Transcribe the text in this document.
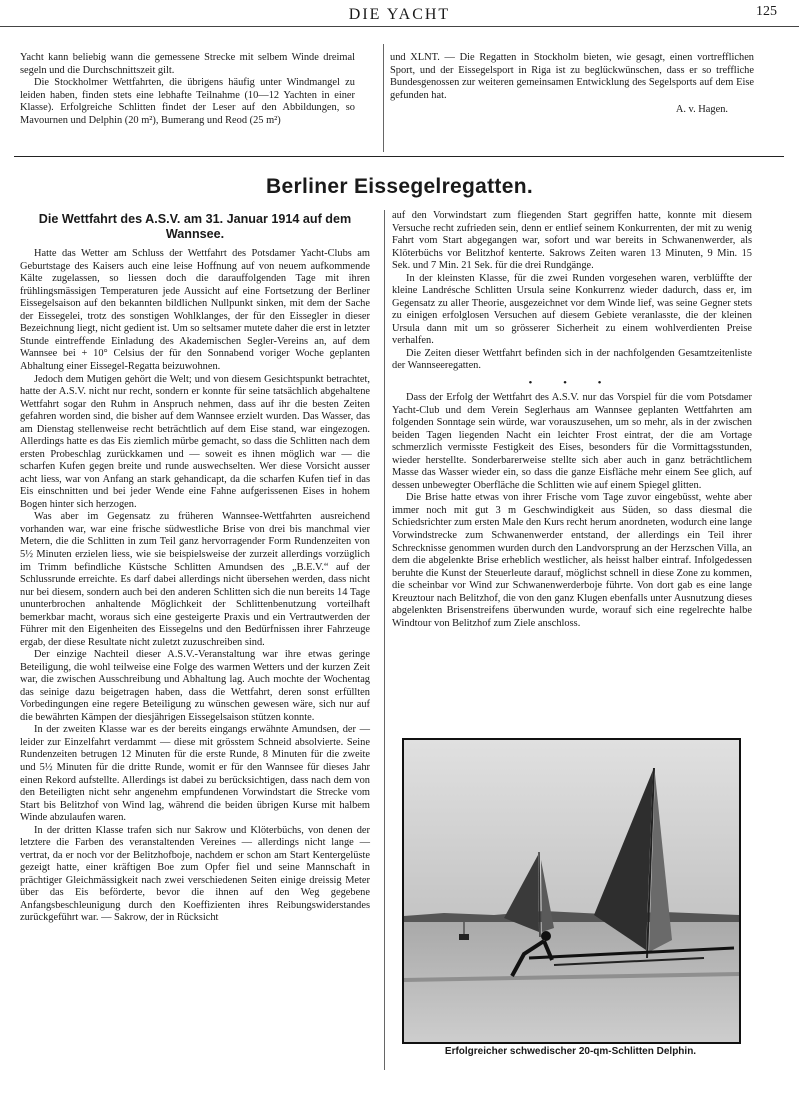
DIE YACHT	125

Yacht kann beliebig wann die gemessene Strecke mit selbem Winde dreimal segeln und die Durchschnittszeit gilt.

Die Stockholmer Wettfahrten, die übrigens häufig unter Windmangel zu leiden haben, finden stets eine lebhafte Teilnahme (10—12 Yachten in einer Klasse). Erfolgreiche Schlitten findet der Leser auf den Abbildungen, so Mavournen und Delphin (20 m²), Bumerang und Reod (25 m²)

und XLNT. — Die Regatten in Stockholm bieten, wie gesagt, einen vortrefflichen Sport, und der Eissegelsport in Riga ist zu beglückwünschen, dass er so treffliche Bundesgenossen zur weiteren gemeinsamen Entwicklung des Segelsports auf dem Eise gefunden hat.

A. v. Hagen.
Berliner Eissegelregatten.
Die Wettfahrt des A.S.V. am 31. Januar 1914 auf dem Wannsee.

Hatte das Wetter am Schluss der Wettfahrt des Potsdamer Yacht-Clubs am Geburtstage des Kaisers auch eine leise Hoffnung auf von neuem aufkommende Kälte zugelassen, so liessen doch die darauffolgenden Tage mit ihren frühlingsmässigen Temperaturen jede Aussicht auf eine Fortsetzung der Berliner Eissegelsaison auf den bekannten bildlichen Nullpunkt sinken, mit dem der Sache der Eissegelei, trotz des sonstigen Wohlklanges, der für den Eissegler in dieser Bezeichnung liegt, nicht gedient ist. Um so seltsamer mutete daher die erst in letzter Stunde eintreffende Einladung des Akademischen Segler-Vereins an, auf dem Wannsee bei + 10° Celsius der für den Sonnabend voriger Woche geplanten Abhaltung einer Eissegel-Regatta beizuwohnen.

Jedoch dem Mutigen gehört die Welt; und von diesem Gesichtspunkt betrachtet, hatte der A.S.V. nicht nur recht, sondern er konnte für seine tatsächlich abgehaltene Wettfahrt sogar den Ruhm in Anspruch nehmen, dass auf ihr die besten Zeiten gefahren worden sind, die bisher auf dem Wannsee erzielt wurden. Das Wasser, das am Dienstag stellenweise recht beträchtlich auf dem Eise stand, war eingezogen. Allerdings hatte es das Eis ziemlich mürbe gemacht, so dass die Schlitten nach dem ersten Probeschlag zurückkamen und — soweit es ihnen möglich war — die scharfen Kufen gegen breite und runde auswechselten. Wer diese Vorsicht ausser acht liess, war von Anfang an stark gehandicapt, da die scharfen Kufen tief in das Eis einschnitten und bei jeder Wende eine Fahne aufgerissenen Eises in hohem Bogen hinter sich herzogen.

Was aber im Gegensatz zu früheren Wannsee-Wettfahrten ausreichend vorhanden war, war eine frische südwestliche Brise von drei bis manchmal vier Metern, die die Schlitten in zum Teil ganz hervorragender Form Rundenzeiten von 5½ Minuten erzielen liess, wie sie beispielsweise der zurzeit allerdings vorzüglich im Trimm befindliche Küstsche Schlitten Amundsen des „B.E.V.“ auf der Schlussrunde erreichte. Es darf dabei allerdings nicht übersehen werden, dass nicht nur bei diesem, sondern auch bei den anderen Schlitten sich die nun bereits 14 Tage ununterbrochen anhaltende Möglichkeit der Schlittenbenutzung vorteilhaft bemerkbar macht, woraus sich eine gesteigerte Praxis und ein Vertrautwerden der Führer mit den Eigenheiten des Eissegelns und den Bedürfnissen ihrer Fahrzeuge ergab, der diese Resultate nicht zuletzt zuzuschreiben sind.

Der einzige Nachteil dieser A.S.V.-Veranstaltung war ihre etwas geringe Beteiligung, die wohl teilweise eine Folge des warmen Wetters und der kurzen Zeit war, die zwischen Ausschreibung und Abhaltung lag. Auch mochte der Wochentag das seinige dazu beigetragen haben, dass die Wettfahrt, deren sonst erfüllten Vorbedingungen eine regere Beteiligung zu wünschen gewesen wäre, sich nur auf die bewährten Kämpen der diesjährigen Eissegelsaison stützen konnte.

In der zweiten Klasse war es der bereits eingangs erwähnte Amundsen, der — leider zur Einzelfahrt verdammt — diese mit grösstem Schneid absolvierte. Seine Rundenzeiten betrugen 12 Minuten für die erste Runde, 8 Minuten für die zweite und 5½ Minuten für die dritte Runde, womit er für den Wannsee für dieses Jahr einen Rekord aufstellte. Allerdings ist dabei zu berücksichtigen, dass nach dem von den Beteiligten nicht sehr angenehm empfundenen Vorwindstart die Strecke vom Start bis Belitzhof von Wind lag, während die beiden übrigen Kurse mit halbem Winde abzulaufen waren.

In der dritten Klasse trafen sich nur Sakrow und Klöterbüchs, von denen der letztere die Farben des veranstaltenden Vereines — allerdings nicht lange — vertrat, da er noch vor der Belitzhofboje, nachdem er schon am Start Kentergelüste gezeigt hatte, einer kräftigen Boe zum Opfer fiel und seine Mannschaft in prächtiger Gleichmässigkeit nach zwei verschiedenen Seiten einige dreissig Meter über das Eis beförderte, bevor die ihnen auf den Weg gegebene Anfangsbeschleunigung durch den Koeffizienten ihres Reibungswiderstandes zurückgeführt war. — Sakrow, der in Rücksicht

auf den Vorwindstart zum fliegenden Start gegriffen hatte, konnte mit diesem Versuche recht zufrieden sein, denn er entlief seinem Konkurrenten, der mit zu wenig Fahrt vom Start abgegangen war, sofort und war bereits in Schwanenwerder, als Klöterbüchs vor Belitzhof kenterte. Sakrows Zeiten waren 13 Minuten, 9 Min. 15 Sek. und 7 Min. 21 Sek. für die drei Rundgänge.

In der kleinsten Klasse, für die zwei Runden vorgesehen waren, verblüffte der kleine Landrésche Schlitten Ursula seine Konkurrenz wieder dadurch, dass er, im Gegensatz zu aller Theorie, ausgezeichnet vor dem Winde lief, was seine Gegner stets zu einigen erfolglosen Versuchen auf diesem Gebiete veranlasste, die der kleinen Ursula dann mit um so grösserer Sicherheit zu einem wohlverdienten Preise verhalfen.

Die Zeiten dieser Wettfahrt befinden sich in der nachfolgenden Gesamtzeitenliste der Wannseeregatten.

• • •

Dass der Erfolg der Wettfahrt des A.S.V. nur das Vorspiel für die vom Potsdamer Yacht-Club und dem Verein Seglerhaus am Wannsee geplanten Wettfahrten am folgenden Sonntage sein würde, war vorauszusehen, um so mehr, als in der zwischen beiden Tagen liegenden Nacht ein leichter Frost eintrat, der die am Vortage schmerzlich vermisste Festigkeit des Eises, besonders für die Vormittagsstunden, wieder herstellte. Sonderbarerweise stellte sich aber auch in ganz beträchtlichem Masse das Wasser wieder ein, so dass die ganze Eisfläche mehr einem See glich, auf dessen unbewegter Oberfläche die Schlitten wie auf einem Spiegel glitten.

Die Brise hatte etwas von ihrer Frische vom Tage zuvor eingebüsst, wehte aber immer noch mit gut 3 m Geschwindigkeit aus Süden, so dass diesmal die Schiedsrichter zum ersten Male den Kurs recht herum anordneten, wodurch eine lange Vorwindstrecke zum Schwanenwerder entstand, der allerdings ein Teil ihrer Schrecknisse genommen wurden durch den Landvorsprung an der Herzschen Villa, an dem die abgelenkte Brise erheblich westlicher, als heisst halber eintraf. Infolgedessen beruhte die Kunst der Steuerleute darauf, möglichst schnell in diese Zone zu kommen, die scheinbar vor Wind zur Schwanenwerderboje führte. Von dort gab es eine lange Kreuztour nach Belitzhof, die von den ganz Klugen ebenfalls unter Ausnutzung dieses abgelenkten Brisenstreifens überwunden wurde, worauf sich eine regelrechte halbe Windtour von Belitzhof zum Ziele anschloss.

Erfolgreicher schwedischer 20-qm-Schlitten Delphin.
